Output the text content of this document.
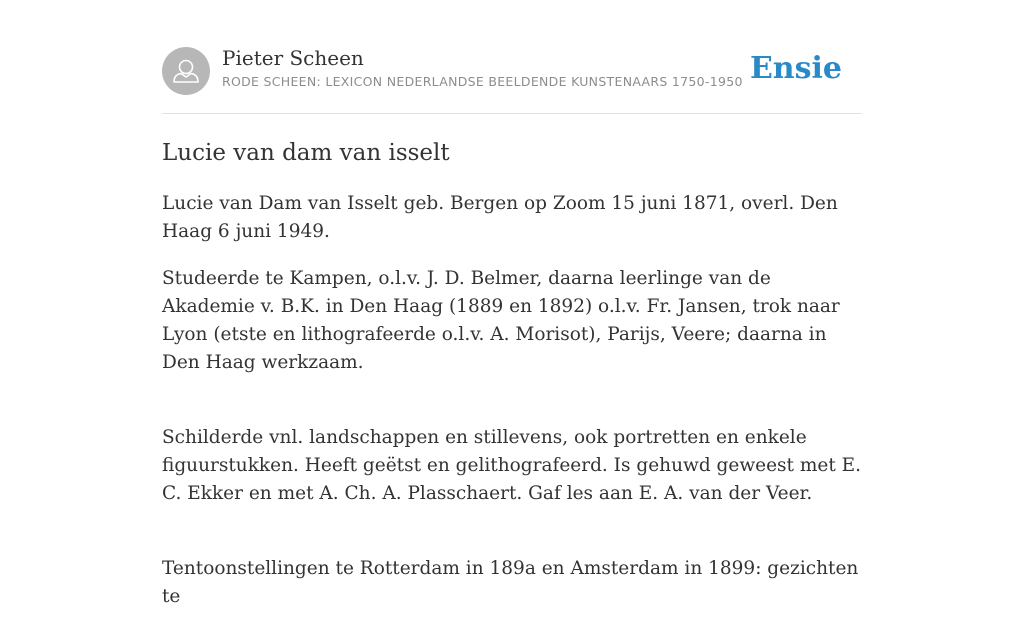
Pieter Scheen
RODE SCHEEN: LEXICON NEDERLANDSE BEELDENDE KUNSTENAARS 1750-1950 Ensie
Lucie van dam van isselt

Lucie van Dam van Isselt geb. Bergen op Zoom 15 juni 1871, overl. Den Haag 6 juni 1949.

Studeerde te Kampen, o.l.v. J. D. Belmer, daarna leerlinge van de Akademie v. B.K. in Den Haag (1889 en 1892) o.l.v. Fr. Jansen, trok naar Lyon (etste en lithografeerde o.l.v. A. Morisot), Parijs, Veere; daarna in Den Haag werkzaam.

Schilderde vnl. landschappen en stillevens, ook portretten en enkele figuurstukken. Heeft geëtst en gelithografeerd. Is gehuwd geweest met E. C. Ekker en met A. Ch. A. Plasschaert. Gaf les aan E. A. van der Veer.

Tentoonstellingen te Rotterdam in 189a en Amsterdam in 1899: gezichten te
